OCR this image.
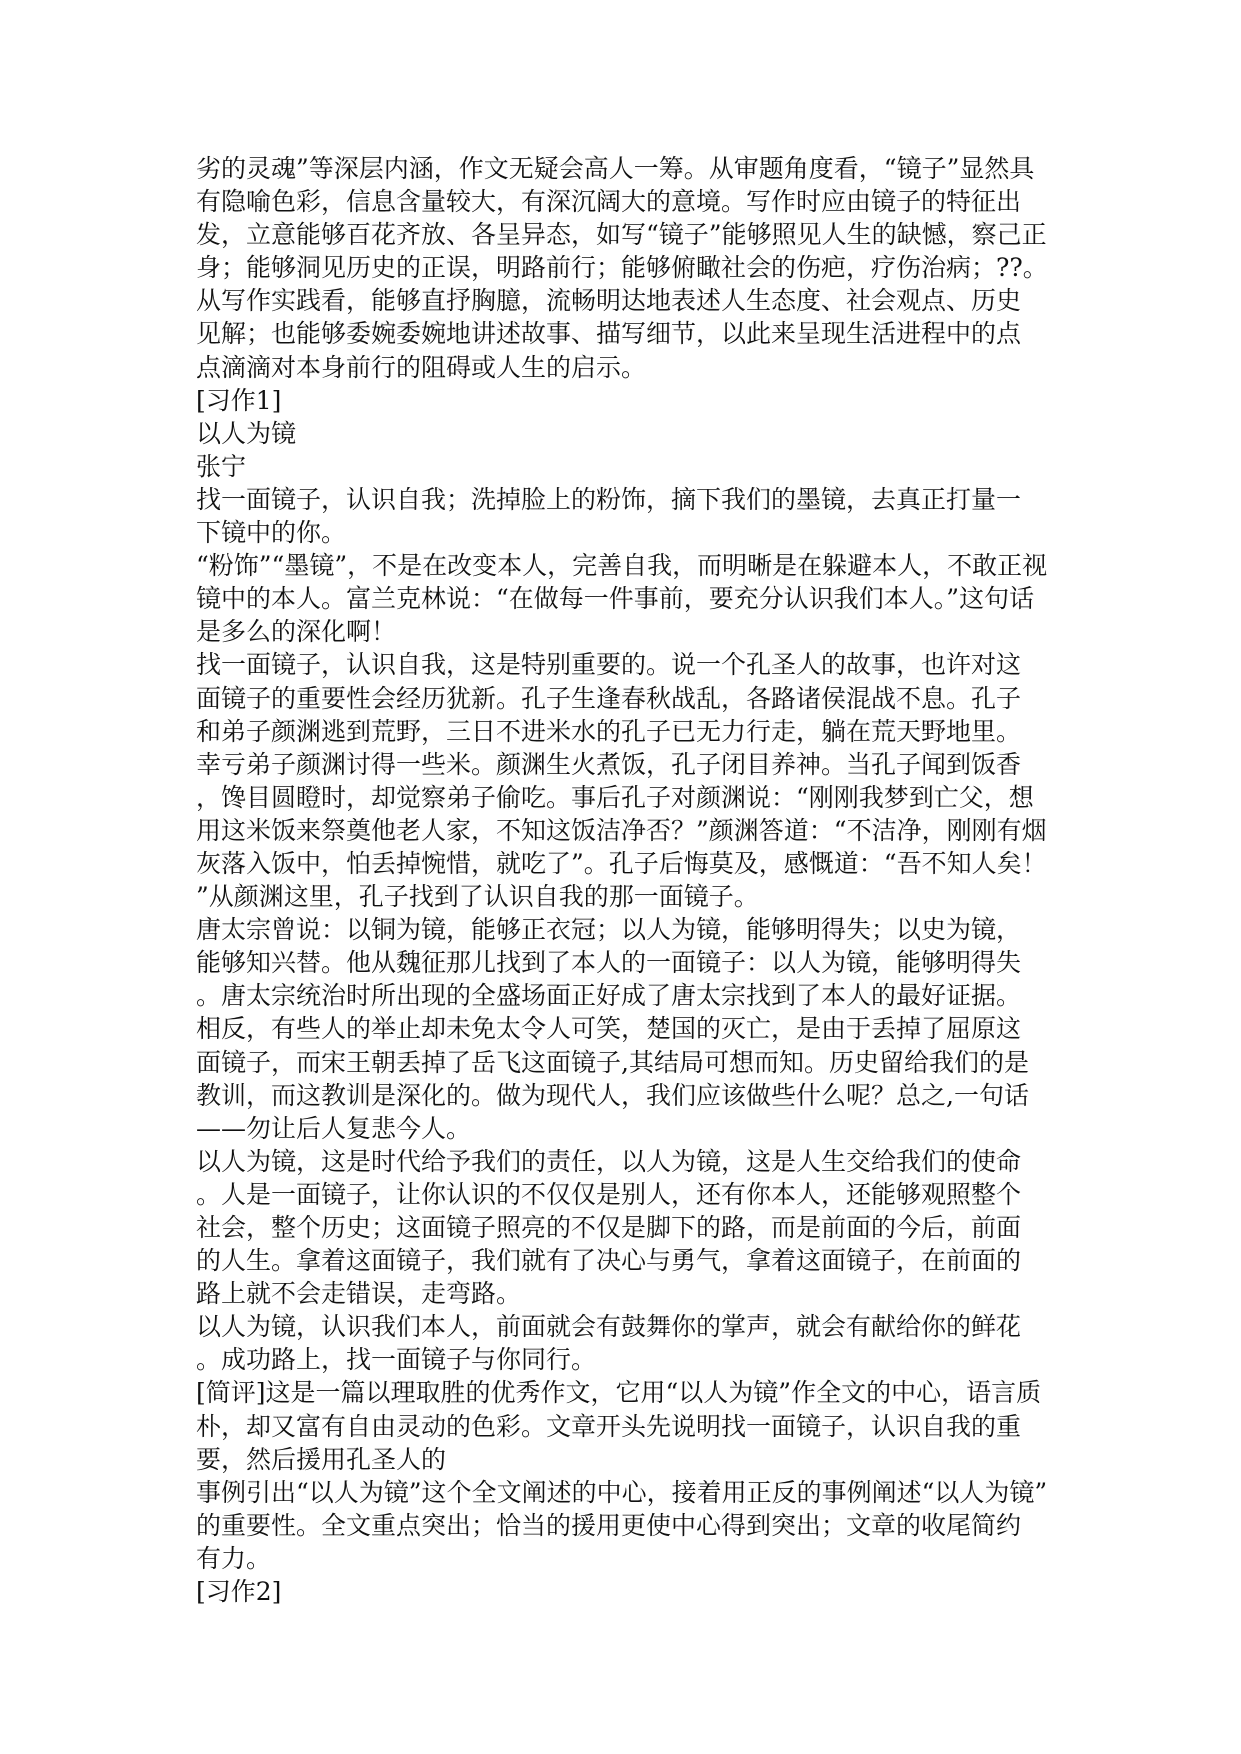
劣的灵魂”等深层内涵，作文无疑会高人一筹。从审题角度看，“镜子”显然具
有隐喻色彩，信息含量较大，有深沉阔大的意境。写作时应由镜子的特征出
发，立意能够百花齐放、各呈异态，如写“镜子”能够照见人生的缺憾，察己正
身；能够洞见历史的正误，明路前行；能够俯瞰社会的伤疤，疗伤治病；??。
从写作实践看，能够直抒胸臆，流畅明达地表述人生态度、社会观点、历史
见解；也能够委婉委婉地讲述故事、描写细节，以此来呈现生活进程中的点
点滴滴对本身前行的阻碍或人生的启示。
[习作1]
以人为镜
张宁
找一面镜子，认识自我；洗掉脸上的粉饰，摘下我们的墨镜，去真正打量一
下镜中的你。
“粉饰”“墨镜”，不是在改变本人，完善自我，而明晰是在躲避本人，不敢正视
镜中的本人。富兰克林说：“在做每一件事前，要充分认识我们本人。”这句话
是多么的深化啊！
找一面镜子，认识自我，这是特别重要的。说一个孔圣人的故事，也许对这
面镜子的重要性会经历犹新。孔子生逢春秋战乱，各路诸侯混战不息。孔子
和弟子颜渊逃到荒野，三日不进米水的孔子已无力行走，躺在荒天野地里。
幸亏弟子颜渊讨得一些米。颜渊生火煮饭，孔子闭目养神。当孔子闻到饭香
，馋目圆瞪时，却觉察弟子偷吃。事后孔子对颜渊说：“刚刚我梦到亡父，想
用这米饭来祭奠他老人家，不知这饭洁净否？”颜渊答道：“不洁净，刚刚有烟
灰落入饭中，怕丢掉惋惜，就吃了”。孔子后悔莫及，感慨道：“吾不知人矣！
”从颜渊这里，孔子找到了认识自我的那一面镜子。
唐太宗曾说：以铜为镜，能够正衣冠；以人为镜，能够明得失；以史为镜，
能够知兴替。他从魏征那儿找到了本人的一面镜子：以人为镜，能够明得失
。唐太宗统治时所出现的全盛场面正好成了唐太宗找到了本人的最好证据。
相反，有些人的举止却未免太令人可笑，楚国的灭亡，是由于丢掉了屈原这
面镜子，而宋王朝丢掉了岳飞这面镜子,其结局可想而知。历史留给我们的是
教训，而这教训是深化的。做为现代人，我们应该做些什么呢？总之,一句话
——勿让后人复悲今人。
以人为镜，这是时代给予我们的责任，以人为镜，这是人生交给我们的使命
。人是一面镜子，让你认识的不仅仅是别人，还有你本人，还能够观照整个
社会，整个历史；这面镜子照亮的不仅是脚下的路，而是前面的今后，前面
的人生。拿着这面镜子，我们就有了决心与勇气，拿着这面镜子，在前面的
路上就不会走错误，走弯路。
以人为镜，认识我们本人，前面就会有鼓舞你的掌声，就会有献给你的鲜花
。成功路上，找一面镜子与你同行。
[简评]这是一篇以理取胜的优秀作文，它用“以人为镜”作全文的中心，语言质
朴，却又富有自由灵动的色彩。文章开头先说明找一面镜子，认识自我的重
要，然后援用孔圣人的
事例引出“以人为镜”这个全文阐述的中心，接着用正反的事例阐述“以人为镜”
的重要性。全文重点突出；恰当的援用更使中心得到突出；文章的收尾简约
有力。
[习作2]
